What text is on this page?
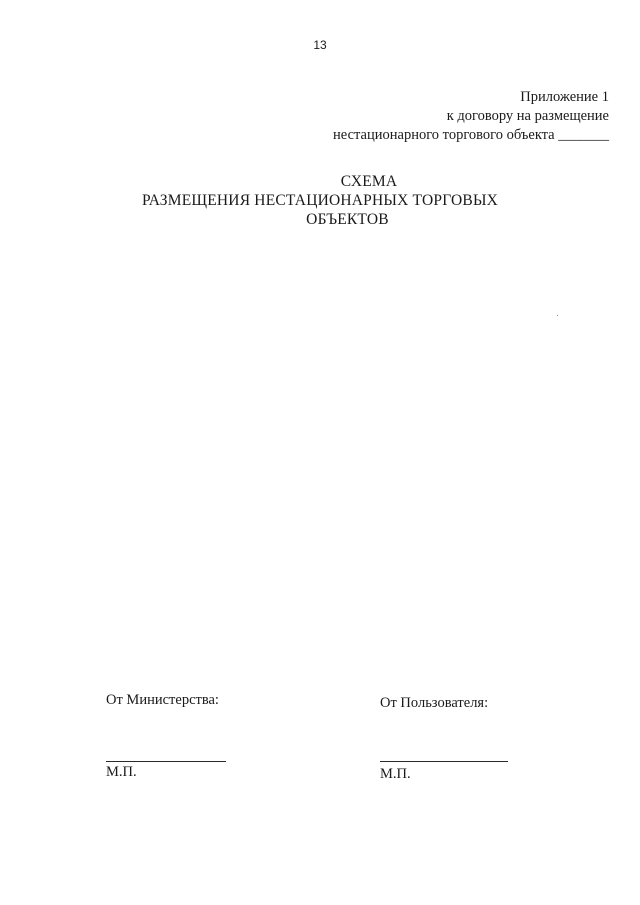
13
Приложение 1
к договору на размещение
нестационарного торгового объекта _______
СХЕМА
РАЗМЕЩЕНИЯ НЕСТАЦИОНАРНЫХ ТОРГОВЫХ
ОБЪЕКТОВ
От Министерства:	От Пользователя:
М.П.	М.П.
